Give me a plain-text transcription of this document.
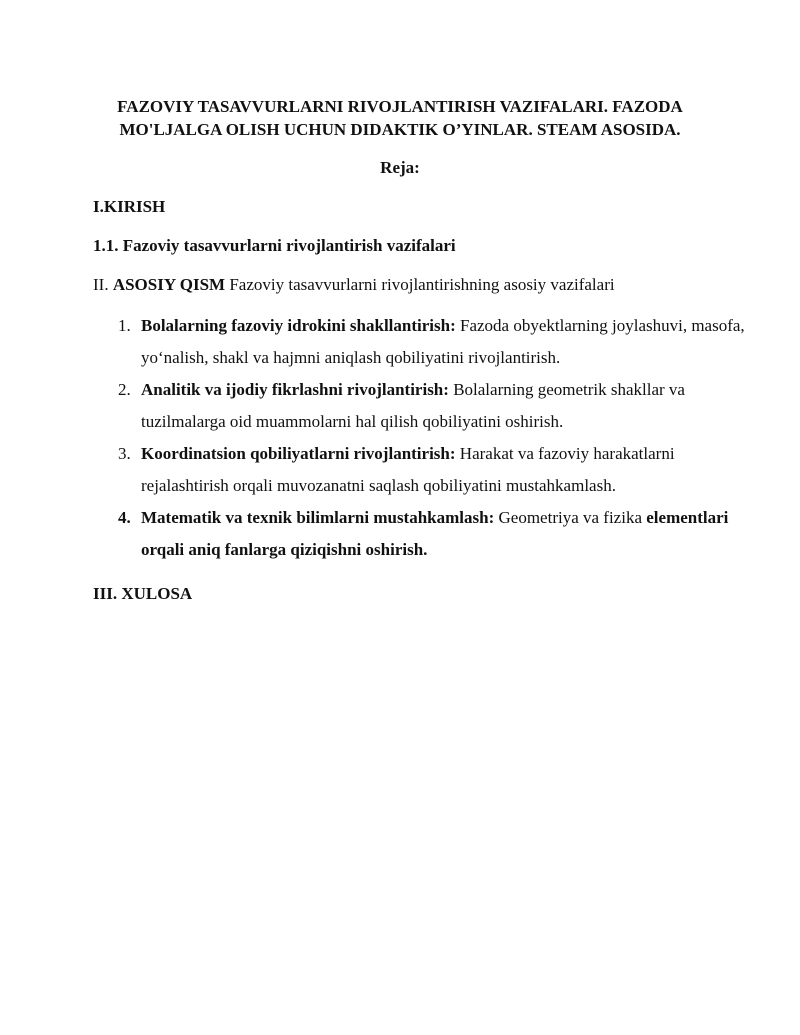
FAZOVIY TASAVVURLARNI RIVOJLANTIRISH VAZIFALARI. FAZODA
MO'LJALGA OLISH UCHUN DIDAKTIK O’YINLAR. STEAM ASOSIDA.
Reja:
I.KIRISH
1.1. Fazoviy tasavvurlarni rivojlantirish vazifalari
II. ASOSIY QISM Fazoviy tasavvurlarni rivojlantirishning asosiy vazifalari
1. Bolalarning fazoviy idrokini shakllantirish: Fazoda obyektlarning joylashuvi, masofa, yo‘nalish, shakl va hajmni aniqlash qobiliyatini rivojlantirish.
2. Analitik va ijodiy fikrlashni rivojlantirish: Bolalarning geometrik shakllar va tuzilmalarga oid muammolarni hal qilish qobiliyatini oshirish.
3. Koordinatsion qobiliyatlarni rivojlantirish: Harakat va fazoviy harakatlarni rejalashtirish orqali muvozanatni saqlash qobiliyatini mustahkamlash.
4. Matematik va texnik bilimlarni mustahkamlash: Geometriya va fizika elementlari orqali aniq fanlarga qiziqishni oshirish.
III. XULOSA
